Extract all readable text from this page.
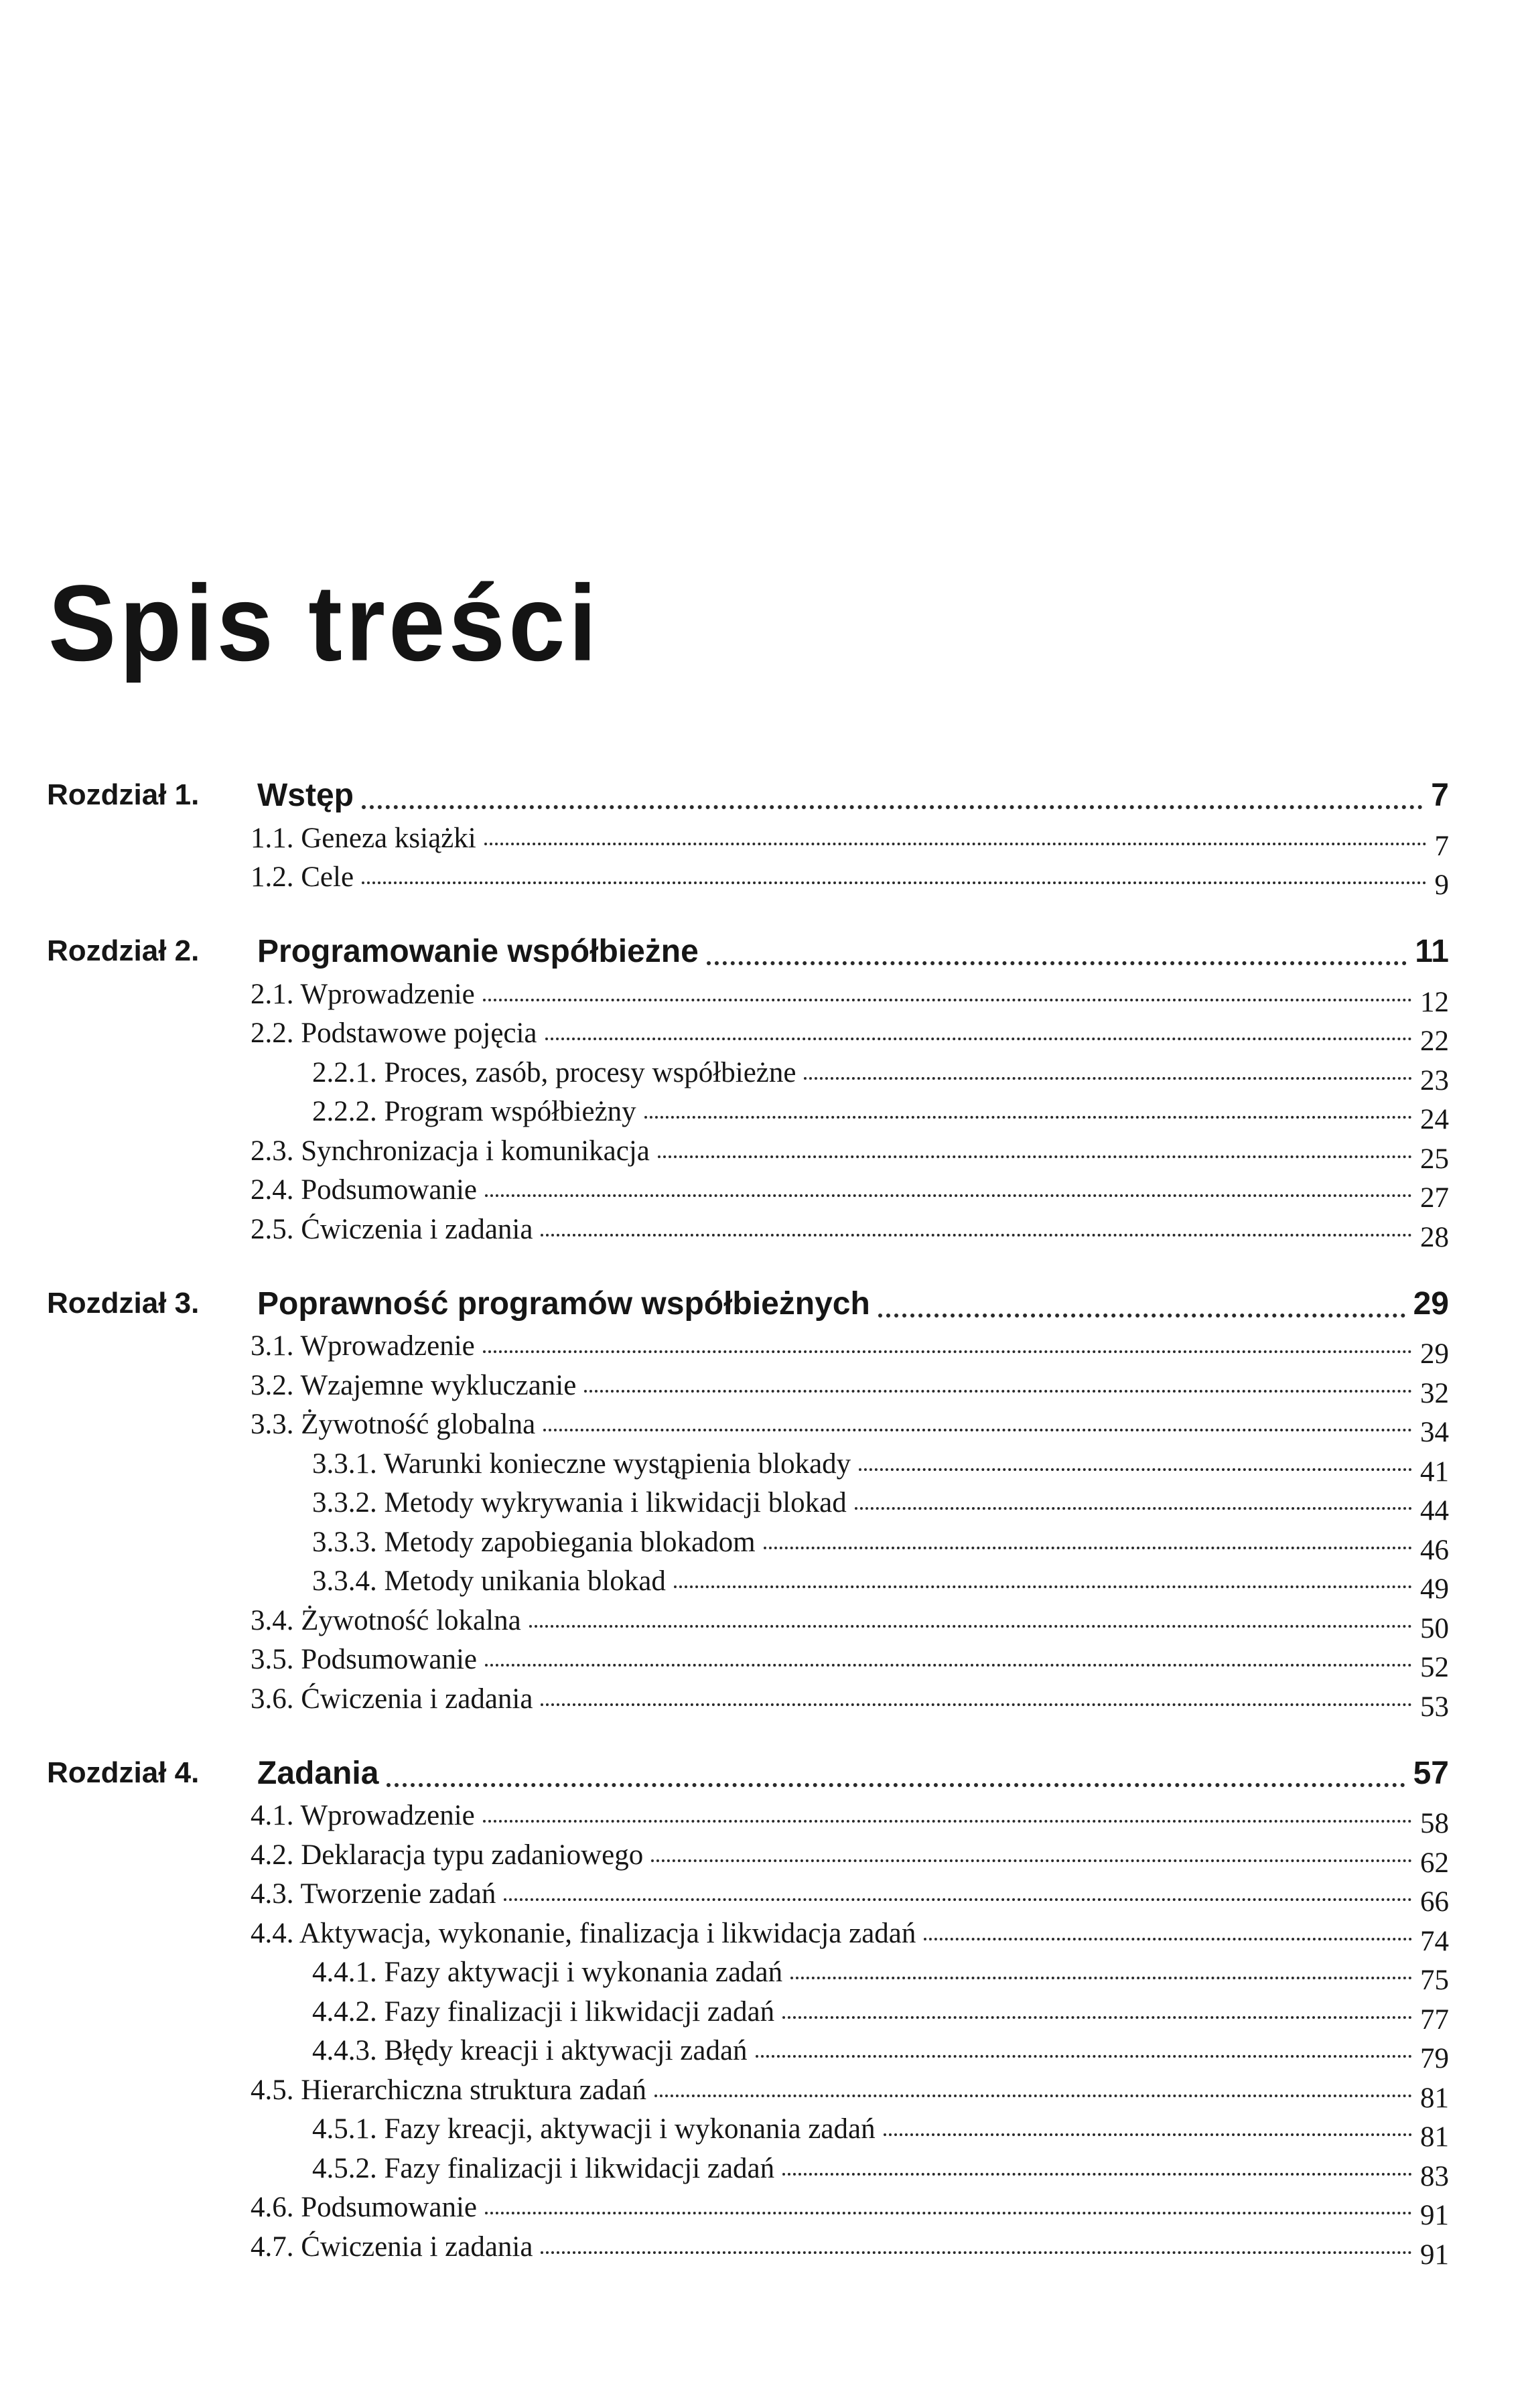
Spis treści
Rozdział 1. Wstęp	7
1.1. Geneza książki	7
1.2. Cele	9
Rozdział 2. Programowanie współbieżne	11
2.1. Wprowadzenie	12
2.2. Podstawowe pojęcia	22
2.2.1. Proces, zasób, procesy współbieżne	23
2.2.2. Program współbieżny	24
2.3. Synchronizacja i komunikacja	25
2.4. Podsumowanie	27
2.5. Ćwiczenia i zadania	28
Rozdział 3. Poprawność programów współbieżnych	29
3.1. Wprowadzenie	29
3.2. Wzajemne wykluczanie	32
3.3. Żywotność globalna	34
3.3.1. Warunki konieczne wystąpienia blokady	41
3.3.2. Metody wykrywania i likwidacji blokad	44
3.3.3. Metody zapobiegania blokadom	46
3.3.4. Metody unikania blokad	49
3.4. Żywotność lokalna	50
3.5. Podsumowanie	52
3.6. Ćwiczenia i zadania	53
Rozdział 4. Zadania	57
4.1. Wprowadzenie	58
4.2. Deklaracja typu zadaniowego	62
4.3. Tworzenie zadań	66
4.4. Aktywacja, wykonanie, finalizacja i likwidacja zadań	74
4.4.1. Fazy aktywacji i wykonania zadań	75
4.4.2. Fazy finalizacji i likwidacji zadań	77
4.4.3. Błędy kreacji i aktywacji zadań	79
4.5. Hierarchiczna struktura zadań	81
4.5.1. Fazy kreacji, aktywacji i wykonania zadań	81
4.5.2. Fazy finalizacji i likwidacji zadań	83
4.6. Podsumowanie	91
4.7. Ćwiczenia i zadania	91
